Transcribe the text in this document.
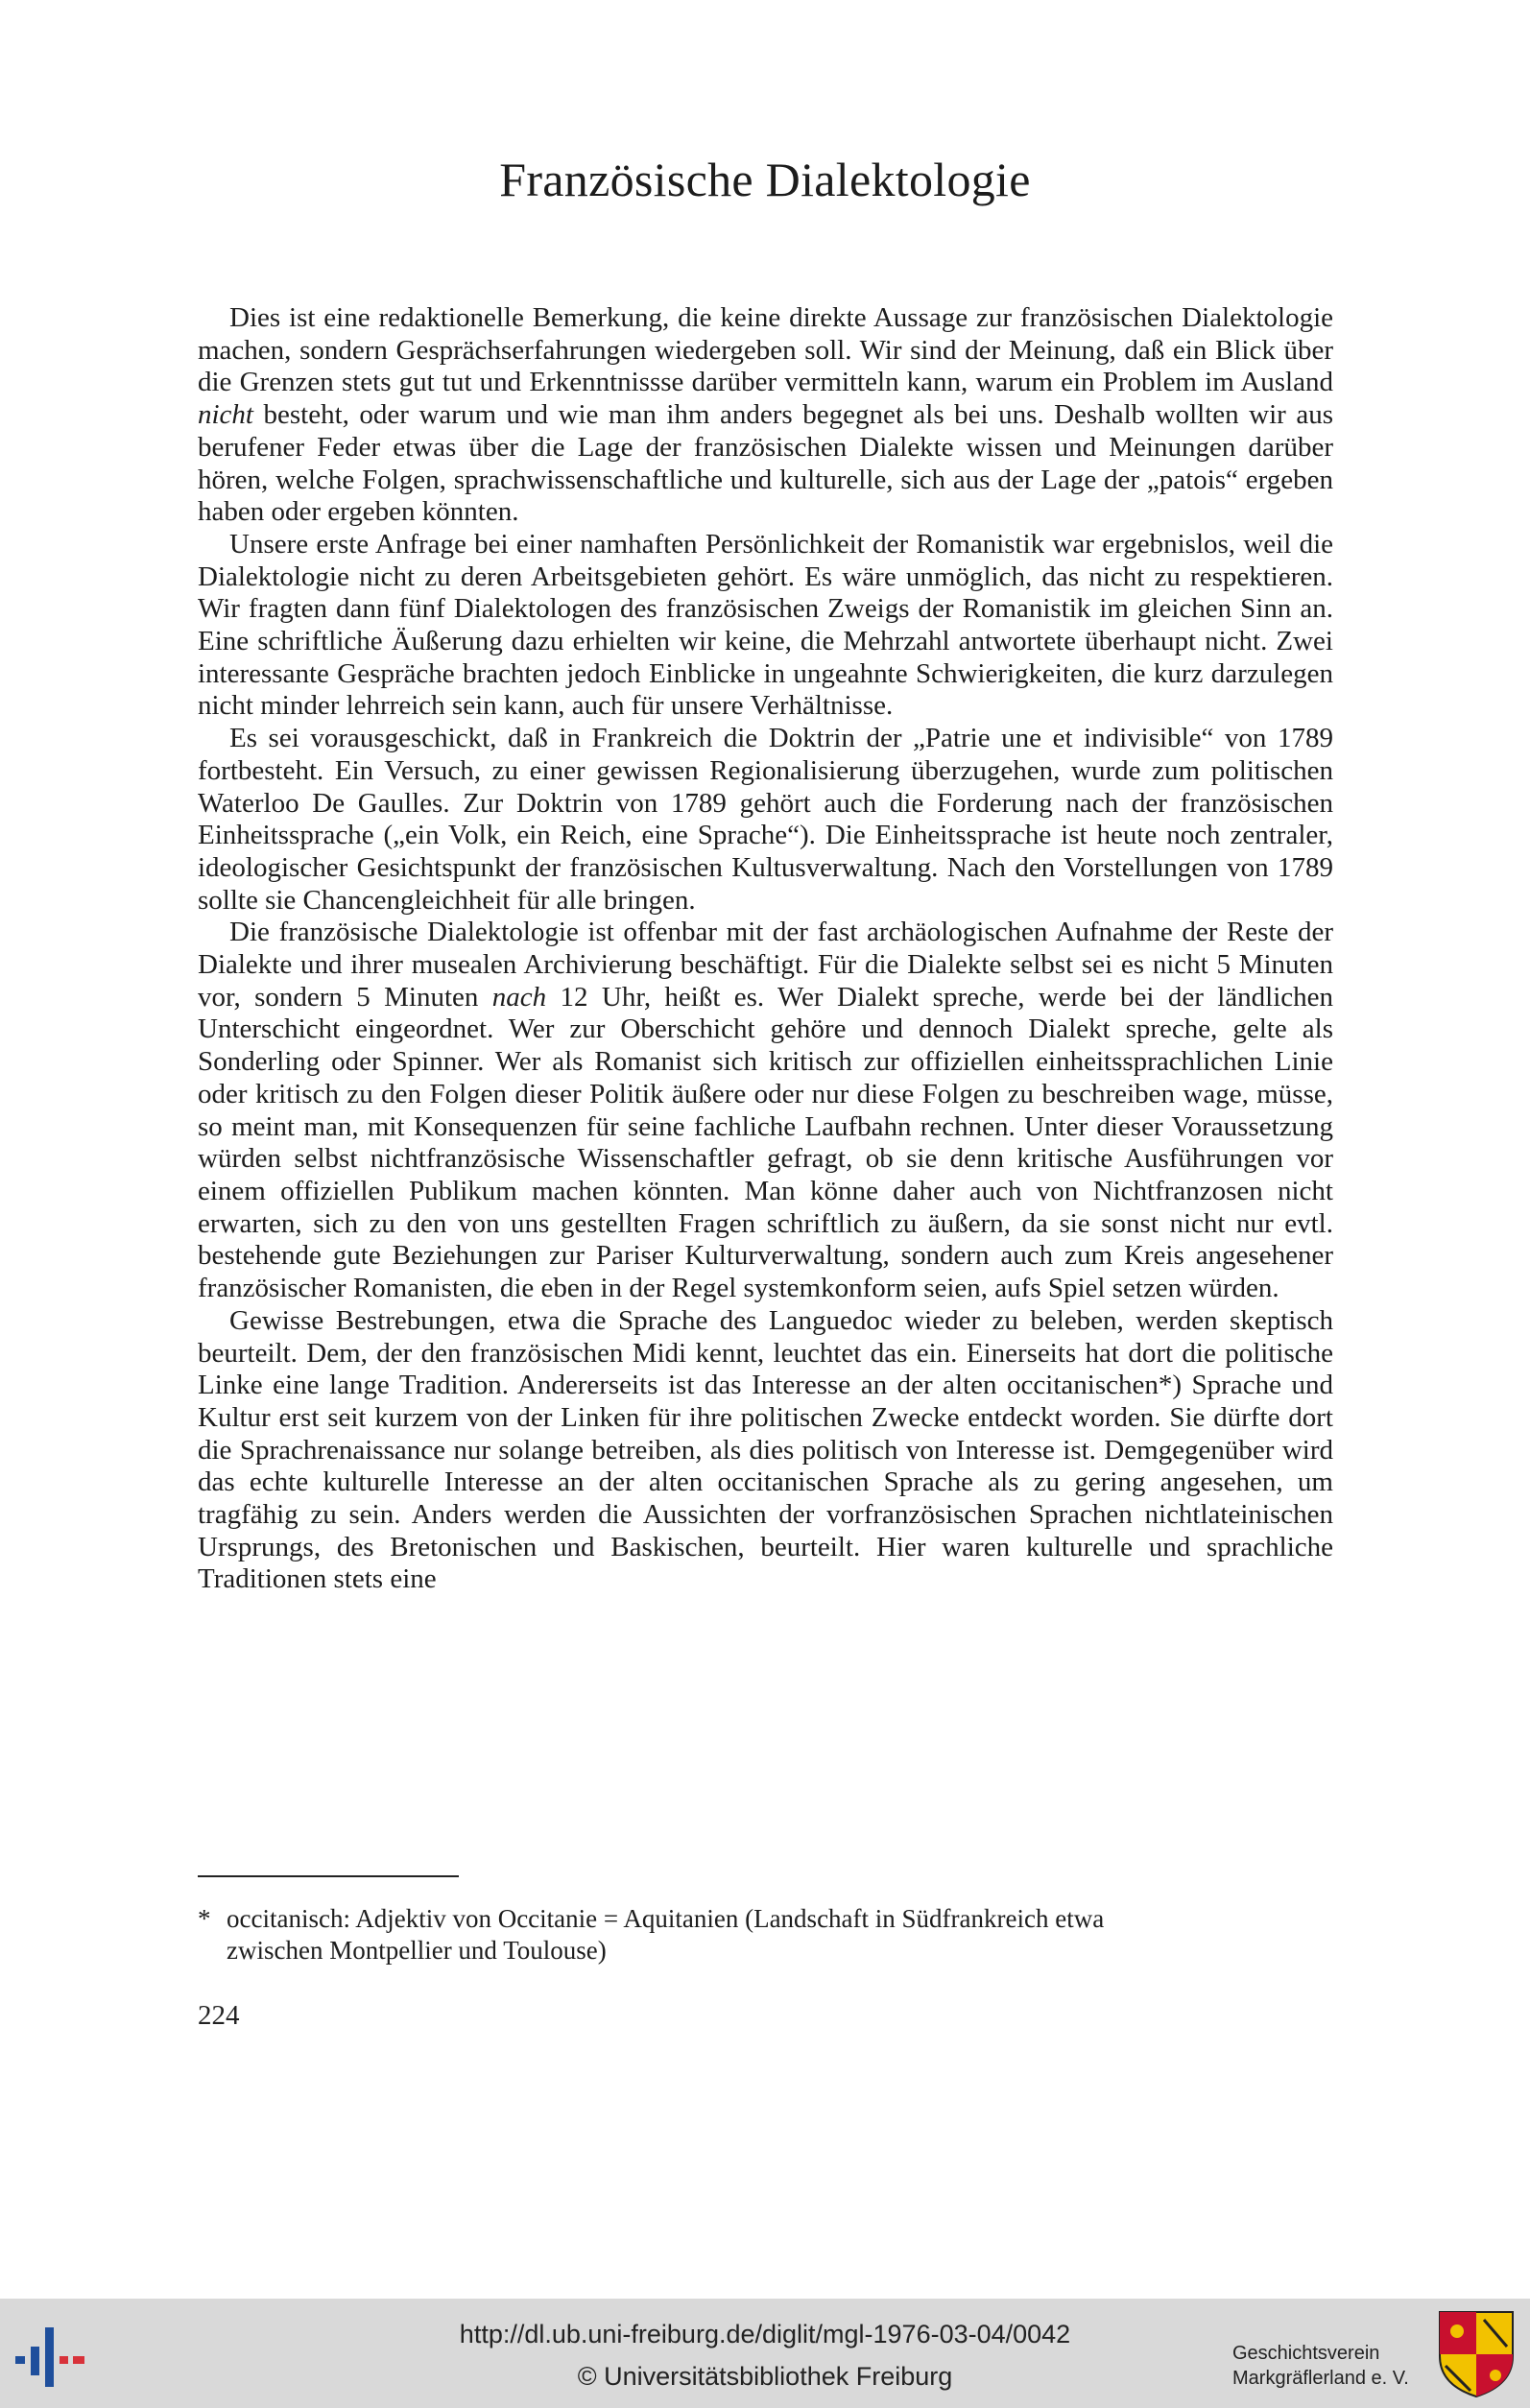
Französische Dialektologie

Dies ist eine redaktionelle Bemerkung, die keine direkte Aussage zur französischen Dialektologie machen, sondern Gesprächserfahrungen wiedergeben soll. Wir sind der Meinung, daß ein Blick über die Grenzen stets gut tut und Erkenntnissse darüber vermitteln kann, warum ein Problem im Ausland nicht besteht, oder warum und wie man ihm anders begegnet als bei uns. Deshalb wollten wir aus berufener Feder etwas über die Lage der französischen Dialekte wissen und Meinungen darüber hören, welche Folgen, sprachwissenschaftliche und kulturelle, sich aus der Lage der „patois“ ergeben haben oder ergeben könnten.

Unsere erste Anfrage bei einer namhaften Persönlichkeit der Romanistik war ergebnislos, weil die Dialektologie nicht zu deren Arbeitsgebieten gehört. Es wäre unmöglich, das nicht zu respektieren. Wir fragten dann fünf Dialektologen des französischen Zweigs der Romanistik im gleichen Sinn an. Eine schriftliche Äußerung dazu erhielten wir keine, die Mehrzahl antwortete überhaupt nicht. Zwei interessante Gespräche brachten jedoch Einblicke in ungeahnte Schwierigkeiten, die kurz darzulegen nicht minder lehrreich sein kann, auch für unsere Verhältnisse.

Es sei vorausgeschickt, daß in Frankreich die Doktrin der „Patrie une et indivisible“ von 1789 fortbesteht. Ein Versuch, zu einer gewissen Regionalisierung überzugehen, wurde zum politischen Waterloo De Gaulles. Zur Doktrin von 1789 gehört auch die Forderung nach der französischen Einheitssprache („ein Volk, ein Reich, eine Sprache“). Die Einheitssprache ist heute noch zentraler, ideologischer Gesichtspunkt der französischen Kultusverwaltung. Nach den Vorstellungen von 1789 sollte sie Chancengleichheit für alle bringen.

Die französische Dialektologie ist offenbar mit der fast archäologischen Aufnahme der Reste der Dialekte und ihrer musealen Archivierung beschäftigt. Für die Dialekte selbst sei es nicht 5 Minuten vor, sondern 5 Minuten nach 12 Uhr, heißt es. Wer Dialekt spreche, werde bei der ländlichen Unterschicht eingeordnet. Wer zur Oberschicht gehöre und dennoch Dialekt spreche, gelte als Sonderling oder Spinner. Wer als Romanist sich kritisch zur offiziellen einheitssprachlichen Linie oder kritisch zu den Folgen dieser Politik äußere oder nur diese Folgen zu beschreiben wage, müsse, so meint man, mit Konsequenzen für seine fachliche Laufbahn rechnen. Unter dieser Voraussetzung würden selbst nichtfranzösische Wissenschaftler gefragt, ob sie denn kritische Ausführungen vor einem offiziellen Publikum machen könnten. Man könne daher auch von Nichtfranzosen nicht erwarten, sich zu den von uns gestellten Fragen schriftlich zu äußern, da sie sonst nicht nur evtl. bestehende gute Beziehungen zur Pariser Kulturverwaltung, sondern auch zum Kreis angesehener französischer Romanisten, die eben in der Regel systemkonform seien, aufs Spiel setzen würden.

Gewisse Bestrebungen, etwa die Sprache des Languedoc wieder zu beleben, werden skeptisch beurteilt. Dem, der den französischen Midi kennt, leuchtet das ein. Einerseits hat dort die politische Linke eine lange Tradition. Andererseits ist das Interesse an der alten occitanischen*) Sprache und Kultur erst seit kurzem von der Linken für ihre politischen Zwecke entdeckt worden. Sie dürfte dort die Sprachrenaissance nur solange betreiben, als dies politisch von Interesse ist. Demgegenüber wird das echte kulturelle Interesse an der alten occitanischen Sprache als zu gering angesehen, um tragfähig zu sein. Anders werden die Aussichten der vorfranzösischen Sprachen nichtlateinischen Ursprungs, des Bretonischen und Baskischen, beurteilt. Hier waren kulturelle und sprachliche Traditionen stets eine

* occitanisch: Adjektiv von Occitanie = Aquitanien (Landschaft in Südfrankreich etwa
zwischen Montpellier und Toulouse)
224
http://dl.ub.uni-freiburg.de/diglit/mgl-1976-03-04/0042
© Universitätsbibliothek Freiburg
Geschichtsverein
Markgräflerland e. V.
